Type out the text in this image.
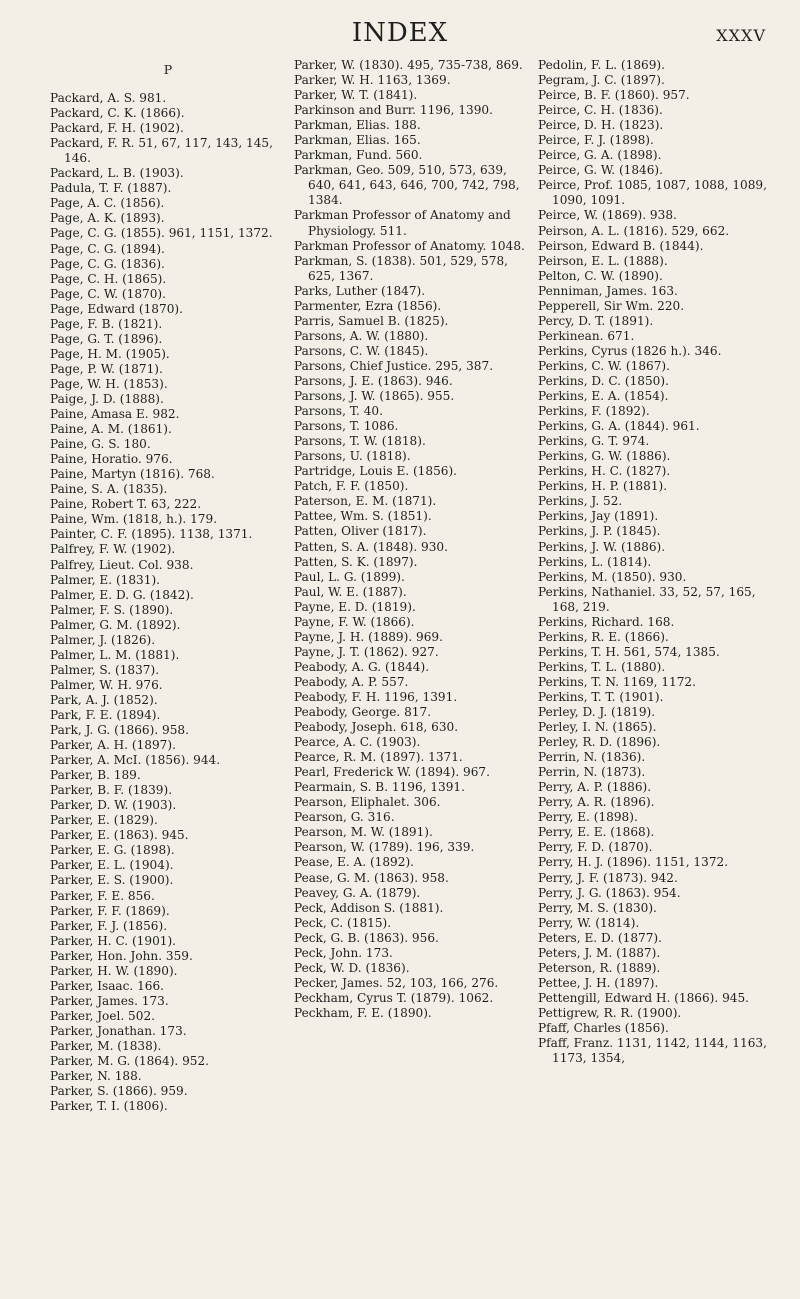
INDEX	XXXV
P

Packard, A. S. 981.

Packard, C. K. (1866).

Packard, F. H. (1902).

Packard, F. R. 51, 67, 117, 143, 145, 146.

Packard, L. B. (1903).

Padula, T. F. (1887).

Page, A. C. (1856).

Page, A. K. (1893).

Page, C. G. (1855). 961, 1151, 1372.

Page, C. G. (1894).

Page, C. G. (1836).

Page, C. H. (1865).

Page, C. W. (1870).

Page, Edward (1870).

Page, F. B. (1821).

Page, G. T. (1896).

Page, H. M. (1905).

Page, P. W. (1871).

Page, W. H. (1853).

Paige, J. D. (1888).

Paine, Amasa E. 982.

Paine, A. M. (1861).

Paine, G. S. 180.

Paine, Horatio. 976.

Paine, Martyn (1816). 768.

Paine, S. A. (1835).

Paine, Robert T. 63, 222.

Paine, Wm. (1818, h.). 179.

Painter, C. F. (1895). 1138, 1371.

Palfrey, F. W. (1902).

Palfrey, Lieut. Col. 938.

Palmer, E. (1831).

Palmer, E. D. G. (1842).

Palmer, F. S. (1890).

Palmer, G. M. (1892).

Palmer, J. (1826).

Palmer, L. M. (1881).

Palmer, S. (1837).

Palmer, W. H. 976.

Park, A. J. (1852).

Park, F. E. (1894).

Park, J. G. (1866). 958.

Parker, A. H. (1897).

Parker, A. McI. (1856). 944.

Parker, B. 189.

Parker, B. F. (1839).

Parker, D. W. (1903).

Parker, E. (1829).

Parker, E. (1863). 945.

Parker, E. G. (1898).

Parker, E. L. (1904).

Parker, E. S. (1900).

Parker, F. E. 856.

Parker, F. F. (1869).

Parker, F. J. (1856).

Parker, H. C. (1901).

Parker, Hon. John. 359.

Parker, H. W. (1890).

Parker, Isaac. 166.

Parker, James. 173.

Parker, Joel. 502.

Parker, Jonathan. 173.

Parker, M. (1838).

Parker, M. G. (1864). 952.

Parker, N. 188.

Parker, S. (1866). 959.

Parker, T. I. (1806).

Parker, W. (1830). 495, 735-738, 869.

Parker, W. H. 1163, 1369.

Parker, W. T. (1841).

Parkinson and Burr. 1196, 1390.

Parkman, Elias. 188.

Parkman, Elias. 165.

Parkman, Fund. 560.

Parkman, Geo. 509, 510, 573, 639, 640, 641, 643, 646, 700, 742, 798, 1384.

Parkman Professor of Anatomy and Physiology. 511.

Parkman Professor of Anatomy. 1048.

Parkman, S. (1838). 501, 529, 578, 625, 1367.

Parks, Luther (1847).

Parmenter, Ezra (1856).

Parris, Samuel B. (1825).

Parsons, A. W. (1880).

Parsons, C. W. (1845).

Parsons, Chief Justice. 295, 387.

Parsons, J. E. (1863). 946.

Parsons, J. W. (1865). 955.

Parsons, T. 40.

Parsons, T. 1086.

Parsons, T. W. (1818).

Parsons, U. (1818).

Partridge, Louis E. (1856).

Patch, F. F. (1850).

Paterson, E. M. (1871).

Pattee, Wm. S. (1851).

Patten, Oliver (1817).

Patten, S. A. (1848). 930.

Patten, S. K. (1897).

Paul, L. G. (1899).

Paul, W. E. (1887).

Payne, E. D. (1819).

Payne, F. W. (1866).

Payne, J. H. (1889). 969.

Payne, J. T. (1862). 927.

Peabody, A. G. (1844).

Peabody, A. P. 557.

Peabody, F. H. 1196, 1391.

Peabody, George. 817.

Peabody, Joseph. 618, 630.

Pearce, A. C. (1903).

Pearce, R. M. (1897). 1371.

Pearl, Frederick W. (1894). 967.

Pearmain, S. B. 1196, 1391.

Pearson, Eliphalet. 306.

Pearson, G. 316.

Pearson, M. W. (1891).

Pearson, W. (1789). 196, 339.

Pease, E. A. (1892).

Pease, G. M. (1863). 958.

Peavey, G. A. (1879).

Peck, Addison S. (1881).

Peck, C. (1815).

Peck, G. B. (1863). 956.

Peck, John. 173.

Peck, W. D. (1836).

Pecker, James. 52, 103, 166, 276.

Peckham, Cyrus T. (1879). 1062.

Peckham, F. E. (1890).

Pedolin, F. L. (1869).

Pegram, J. C. (1897).

Peirce, B. F. (1860). 957.

Peirce, C. H. (1836).

Peirce, D. H. (1823).

Peirce, F. J. (1898).

Peirce, G. A. (1898).

Peirce, G. W. (1846).

Peirce, Prof. 1085, 1087, 1088, 1089, 1090, 1091.

Peirce, W. (1869). 938.

Peirson, A. L. (1816). 529, 662.

Peirson, Edward B. (1844).

Peirson, E. L. (1888).

Pelton, C. W. (1890).

Penniman, James. 163.

Pepperell, Sir Wm. 220.

Percy, D. T. (1891).

Perkinean. 671.

Perkins, Cyrus (1826 h.). 346.

Perkins, C. W. (1867).

Perkins, D. C. (1850).

Perkins, E. A. (1854).

Perkins, F. (1892).

Perkins, G. A. (1844). 961.

Perkins, G. T. 974.

Perkins, G. W. (1886).

Perkins, H. C. (1827).

Perkins, H. P. (1881).

Perkins, J. 52.

Perkins, Jay (1891).

Perkins, J. P. (1845).

Perkins, J. W. (1886).

Perkins, L. (1814).

Perkins, M. (1850). 930.

Perkins, Nathaniel. 33, 52, 57, 165, 168, 219.

Perkins, Richard. 168.

Perkins, R. E. (1866).

Perkins, T. H. 561, 574, 1385.

Perkins, T. L. (1880).

Perkins, T. N. 1169, 1172.

Perkins, T. T. (1901).

Perley, D. J. (1819).

Perley, I. N. (1865).

Perley, R. D. (1896).

Perrin, N. (1836).

Perrin, N. (1873).

Perry, A. P. (1886).

Perry, A. R. (1896).

Perry, E. (1898).

Perry, E. E. (1868).

Perry, F. D. (1870).

Perry, H. J. (1896). 1151, 1372.

Perry, J. F. (1873). 942.

Perry, J. G. (1863). 954.

Perry, M. S. (1830).

Perry, W. (1814).

Peters, E. D. (1877).

Peters, J. M. (1887).

Peterson, R. (1889).

Pettee, J. H. (1897).

Pettengill, Edward H. (1866). 945.

Pettigrew, R. R. (1900).

Pfaff, Charles (1856).

Pfaff, Franz. 1131, 1142, 1144, 1163, 1173, 1354,
